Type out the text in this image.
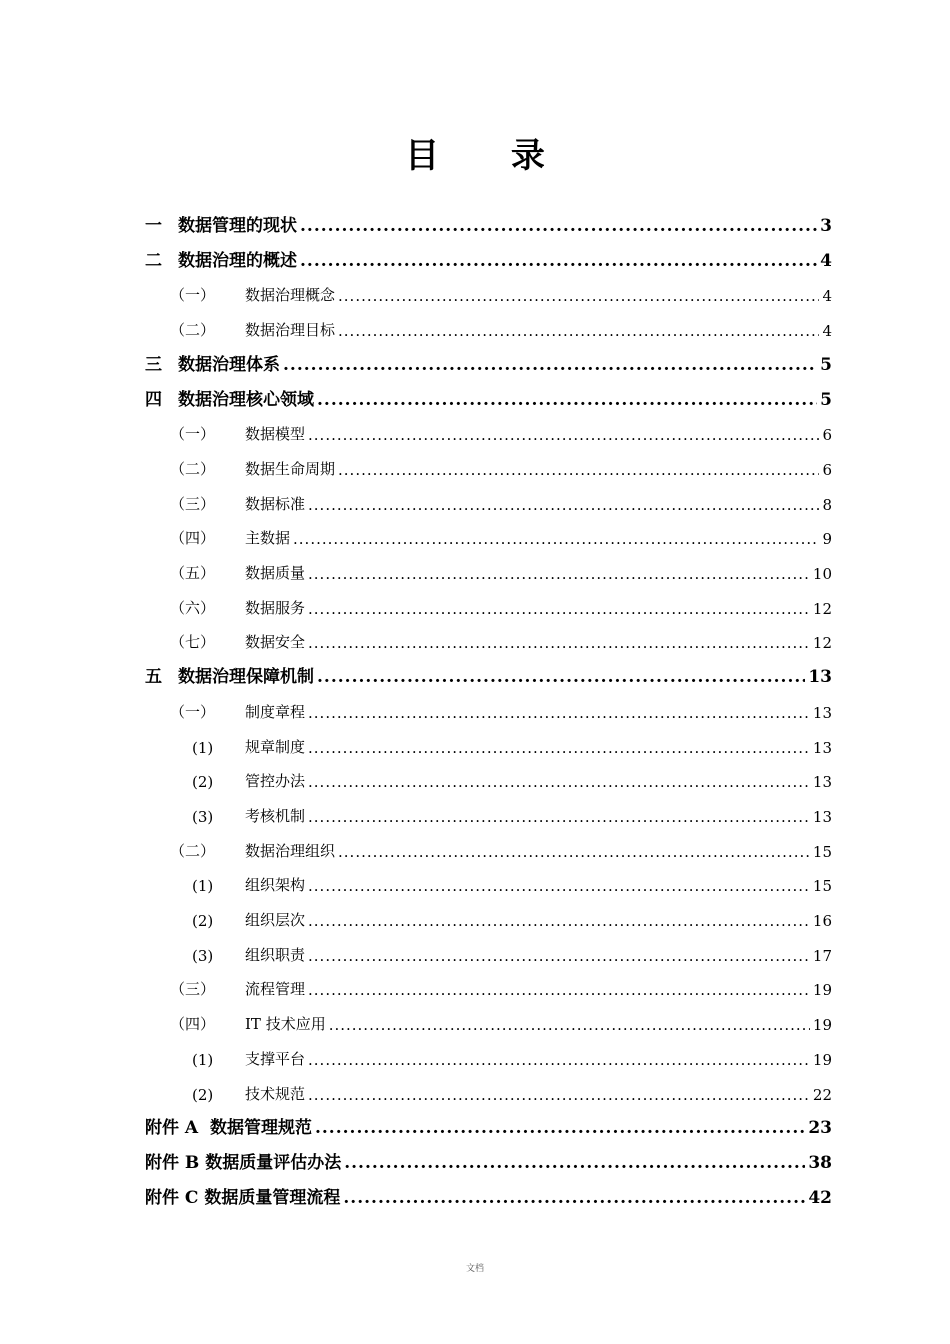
目 录
一 数据管理的现状 .....	3
二 数据治理的概述 .....	4
（一）	数据治理概念 .....	4
（二）	数据治理目标 .....	4
三 数据治理体系 .....	5
四 数据治理核心领域 .....	5
（一）	数据模型 .....	6
（二）	数据生命周期 .....	6
（三）	数据标准 .....	8
（四）	主数据 .....	9
（五）	数据质量 .....	10
（六）	数据服务 .....	12
（七）	数据安全 .....	12
五 数据治理保障机制 .....	13
（一）	制度章程 .....	13
(1)	规章制度 .....	13
(2)	管控办法 .....	13
(3)	考核机制 .....	13
（二）	数据治理组织 .....	15
(1)	组织架构 .....	15
(2)	组织层次 .....	16
(3)	组织职责 .....	17
（三）	流程管理 .....	19
（四）	IT 技术应用 .....	19
(1)	支撑平台 .....	19
(2)	技术规范 .....	22
附件 A 数据管理规范 .....	23
附件 B 数据质量评估办法 .....	38
附件 C 数据质量管理流程 .....	42
文档
